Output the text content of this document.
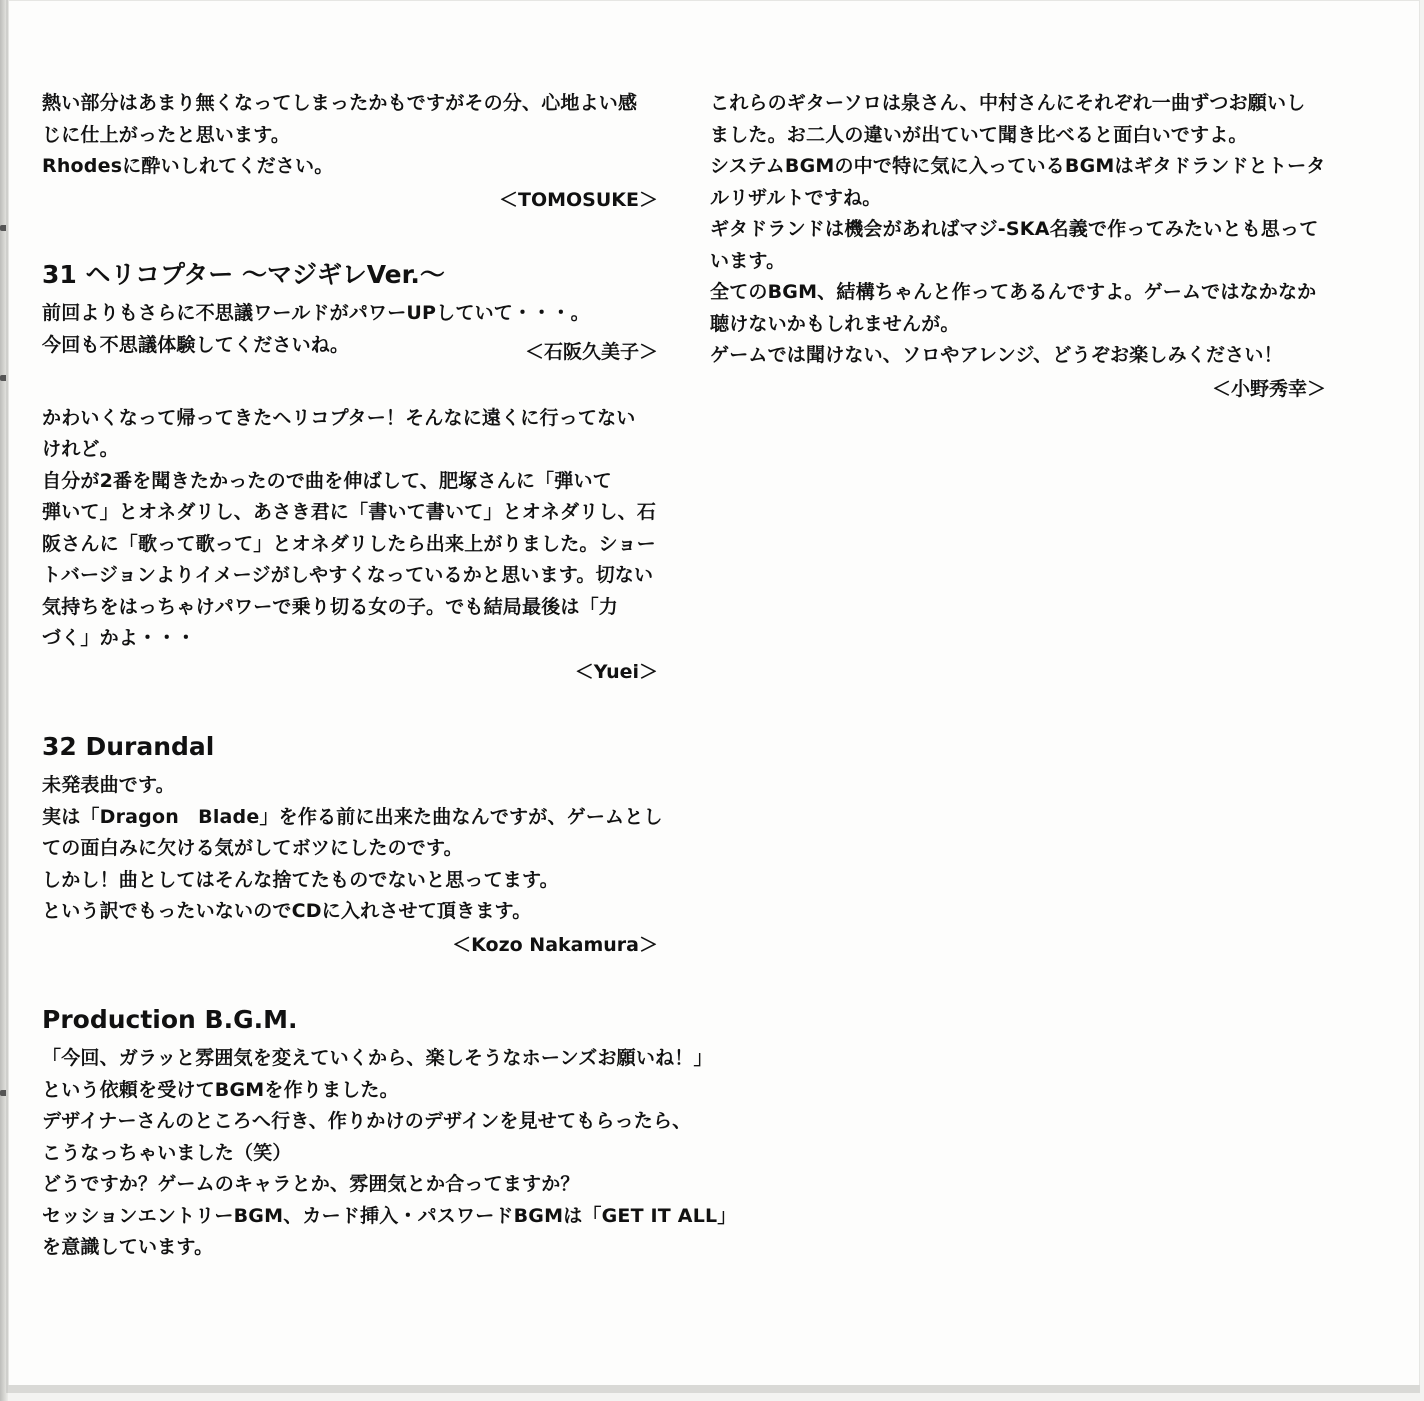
熱い部分はあまり無くなってしまったかもですがその分、心地よい感
じに仕上がったと思います。
Rhodesに酔いしれてください。
＜TOMOSUKE＞
31 ヘリコプター ～マジギレVer.～
前回よりもさらに不思議ワールドがパワーUPしていて・・・。
今回も不思議体験してくださいね。	＜石阪久美子＞
かわいくなって帰ってきたヘリコプター！そんなに遠くに行ってない
けれど。
自分が2番を聞きたかったので曲を伸ばして、肥塚さんに「弾いて
弾いて」とオネダリし、あさき君に「書いて書いて」とオネダリし、石
阪さんに「歌って歌って」とオネダリしたら出来上がりました。ショー
トバージョンよりイメージがしやすくなっているかと思います。切ない
気持ちをはっちゃけパワーで乗り切る女の子。でも結局最後は「力
づく」かよ・・・
＜Yuei＞
32 Durandal
未発表曲です。
実は「Dragon　Blade」を作る前に出来た曲なんですが、ゲームとし
ての面白みに欠ける気がしてボツにしたのです。
しかし！曲としてはそんな捨てたものでないと思ってます。
という訳でもったいないのでCDに入れさせて頂きます。
＜Kozo Nakamura＞
Production B.G.M.
「今回、ガラッと雰囲気を変えていくから、楽しそうなホーンズお願いね！」
という依頼を受けてBGMを作りました。
デザイナーさんのところへ行き、作りかけのデザインを見せてもらったら、
こうなっちゃいました（笑）
どうですか？ゲームのキャラとか、雰囲気とか合ってますか？
セッションエントリーBGM、カード挿入・パスワードBGMは「GET IT ALL」
を意識しています。
これらのギターソロは泉さん、中村さんにそれぞれ一曲ずつお願いし
ました。お二人の違いが出ていて聞き比べると面白いですよ。
システムBGMの中で特に気に入っているBGMはギタドランドとトータ
ルリザルトですね。
ギタドランドは機会があればマジ-SKA名義で作ってみたいとも思って
います。
全てのBGM、結構ちゃんと作ってあるんですよ。ゲームではなかなか
聴けないかもしれませんが。
ゲームでは聞けない、ソロやアレンジ、どうぞお楽しみください！
＜小野秀幸＞
